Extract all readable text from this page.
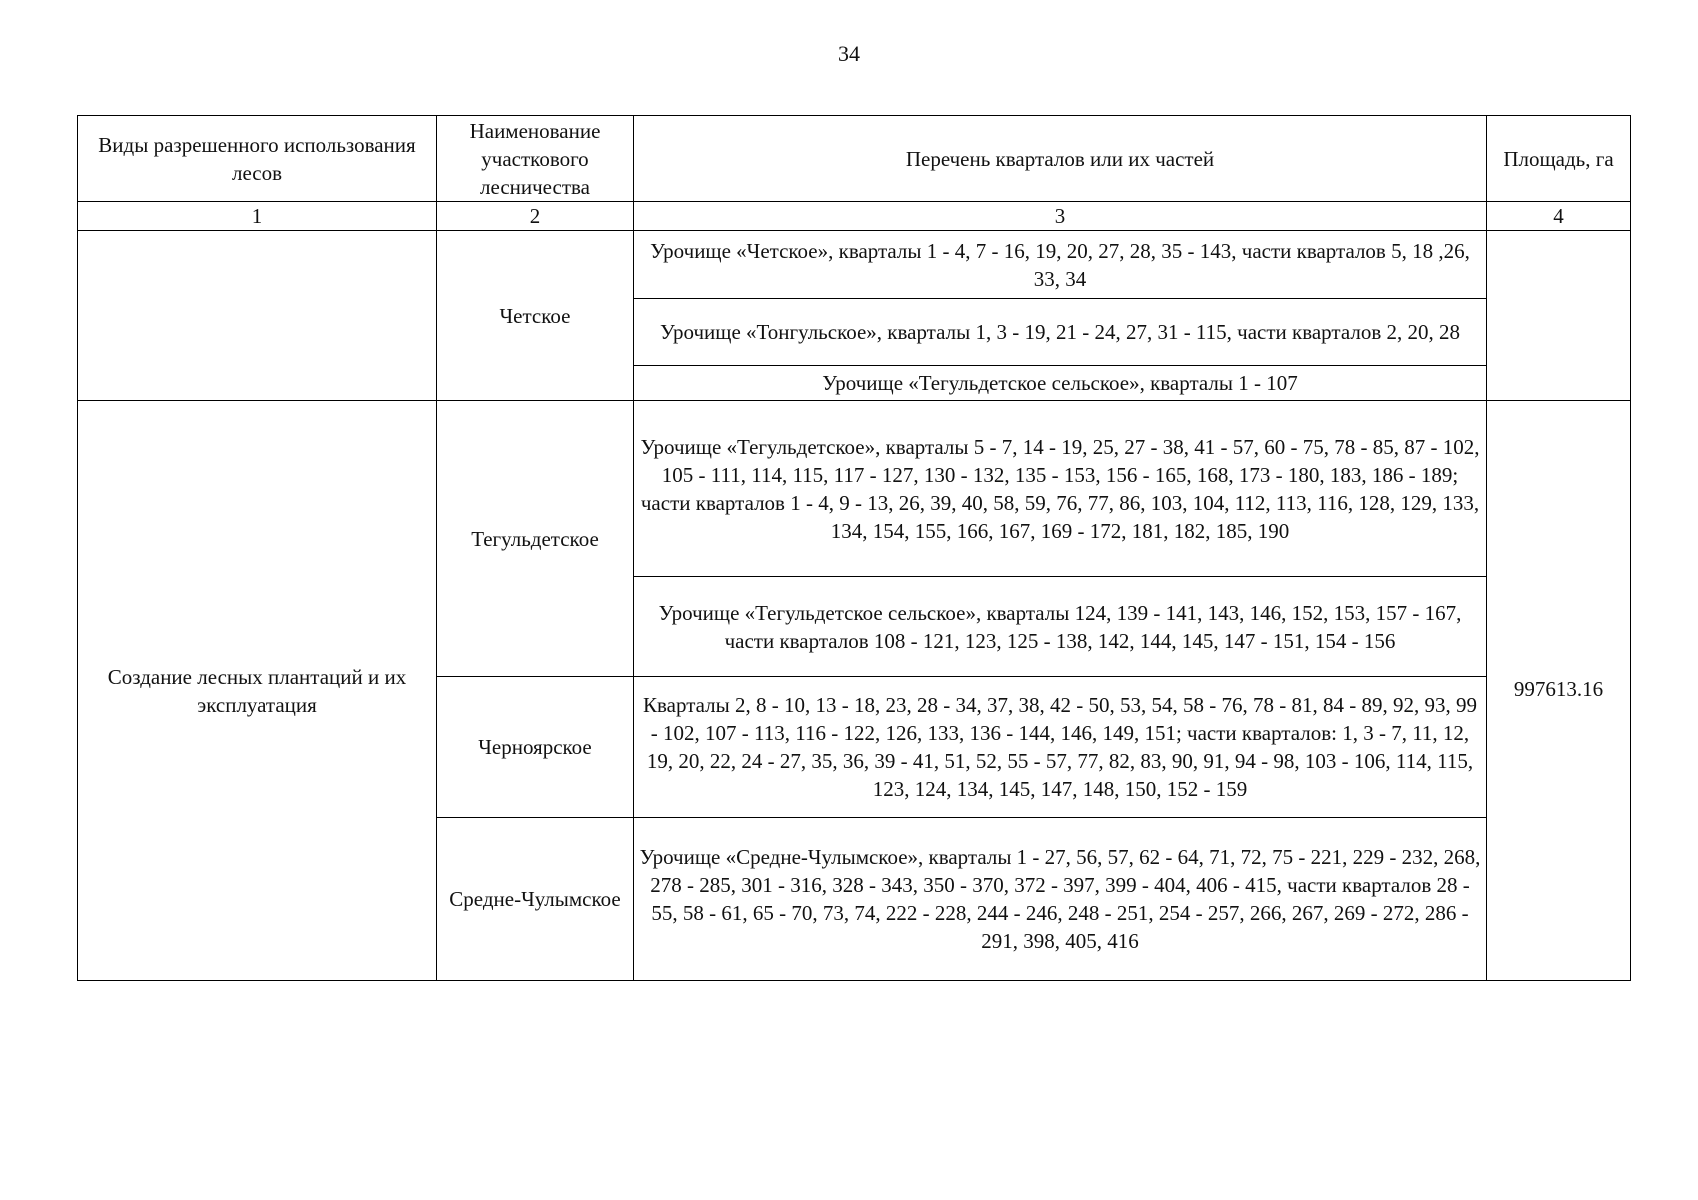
34
Виды разрешенного использования лесов	Наименование участкового лесничества	Перечень кварталов или их частей	Площадь, га
1	2	3	4
	Четское	Урочище «Четское», кварталы 1 - 4, 7 - 16, 19, 20, 27, 28, 35 - 143, части кварталов 5, 18 ,26, 33, 34	
		Урочище «Тонгульское», кварталы 1, 3 - 19, 21 - 24, 27, 31 - 115, части кварталов 2, 20, 28	
		Урочище «Тегульдетское сельское», кварталы 1 - 107	
Создание лесных плантаций и их эксплуатация	Тегульдетское	Урочище «Тегульдетское», кварталы 5 - 7, 14 - 19, 25, 27 - 38, 41 - 57, 60 - 75, 78 - 85, 87 - 102, 105 - 111, 114, 115, 117 - 127, 130 - 132, 135 - 153, 156 - 165, 168, 173 - 180, 183, 186 - 189; части кварталов 1 - 4, 9 - 13, 26, 39, 40, 58, 59, 76, 77, 86, 103, 104, 112, 113, 116, 128, 129, 133, 134, 154, 155, 166, 167, 169 - 172, 181, 182, 185, 190	997613.16
		Урочище «Тегульдетское сельское», кварталы 124, 139 - 141, 143, 146, 152, 153, 157 - 167, части кварталов 108 - 121, 123, 125 - 138, 142, 144, 145, 147 - 151, 154 - 156	
	Черноярское	Кварталы 2, 8 - 10, 13 - 18, 23, 28 - 34, 37, 38, 42 - 50, 53, 54, 58 - 76, 78 - 81, 84 - 89, 92, 93, 99 - 102, 107 - 113, 116 - 122, 126, 133, 136 - 144, 146, 149, 151; части кварталов: 1, 3 - 7, 11, 12, 19, 20, 22, 24 - 27, 35, 36, 39 - 41, 51, 52, 55 - 57, 77, 82, 83, 90, 91, 94 - 98, 103 - 106, 114, 115, 123, 124, 134, 145, 147, 148, 150, 152 - 159	
	Средне-Чулымское	Урочище «Средне-Чулымское», кварталы 1 - 27, 56, 57, 62 - 64, 71, 72, 75 - 221, 229 - 232, 268, 278 - 285, 301 - 316, 328 - 343, 350 - 370, 372 - 397, 399 - 404, 406 - 415, части кварталов 28 - 55, 58 - 61, 65 - 70, 73, 74, 222 - 228, 244 - 246, 248 - 251, 254 - 257, 266, 267, 269 - 272, 286 - 291, 398, 405, 416	
